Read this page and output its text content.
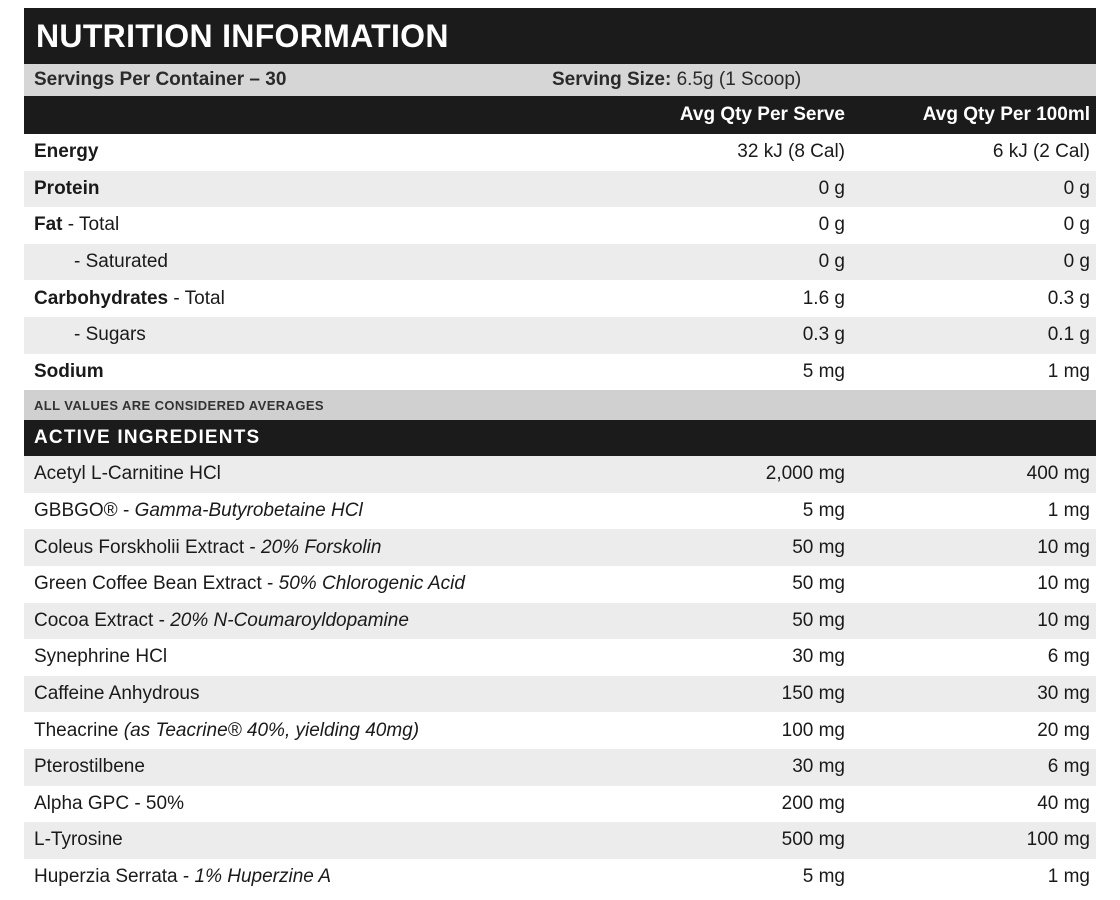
NUTRITION INFORMATION
Servings Per Container – 30	Serving Size: 6.5g (1 Scoop)
Avg Qty Per Serve	Avg Qty Per 100ml
Energy	32 kJ (8 Cal)	6 kJ (2 Cal)
Protein	0 g	0 g
Fat - Total	0 g	0 g
- Saturated	0 g	0 g
Carbohydrates - Total	1.6 g	0.3 g
- Sugars	0.3 g	0.1 g
Sodium	5 mg	1 mg
ALL VALUES ARE CONSIDERED AVERAGES
ACTIVE INGREDIENTS
Acetyl L-Carnitine HCl	2,000 mg	400 mg
GBBGO® - Gamma-Butyrobetaine HCl	5 mg	1 mg
Coleus Forskholii Extract - 20% Forskolin	50 mg	10 mg
Green Coffee Bean Extract - 50% Chlorogenic Acid	50 mg	10 mg
Cocoa Extract - 20% N-Coumaroyldopamine	50 mg	10 mg
Synephrine HCl	30 mg	6 mg
Caffeine Anhydrous	150 mg	30 mg
Theacrine (as Teacrine® 40%, yielding 40mg)	100 mg	20 mg
Pterostilbene	30 mg	6 mg
Alpha GPC - 50%	200 mg	40 mg
L-Tyrosine	500 mg	100 mg
Huperzia Serrata - 1% Huperzine A	5 mg	1 mg
